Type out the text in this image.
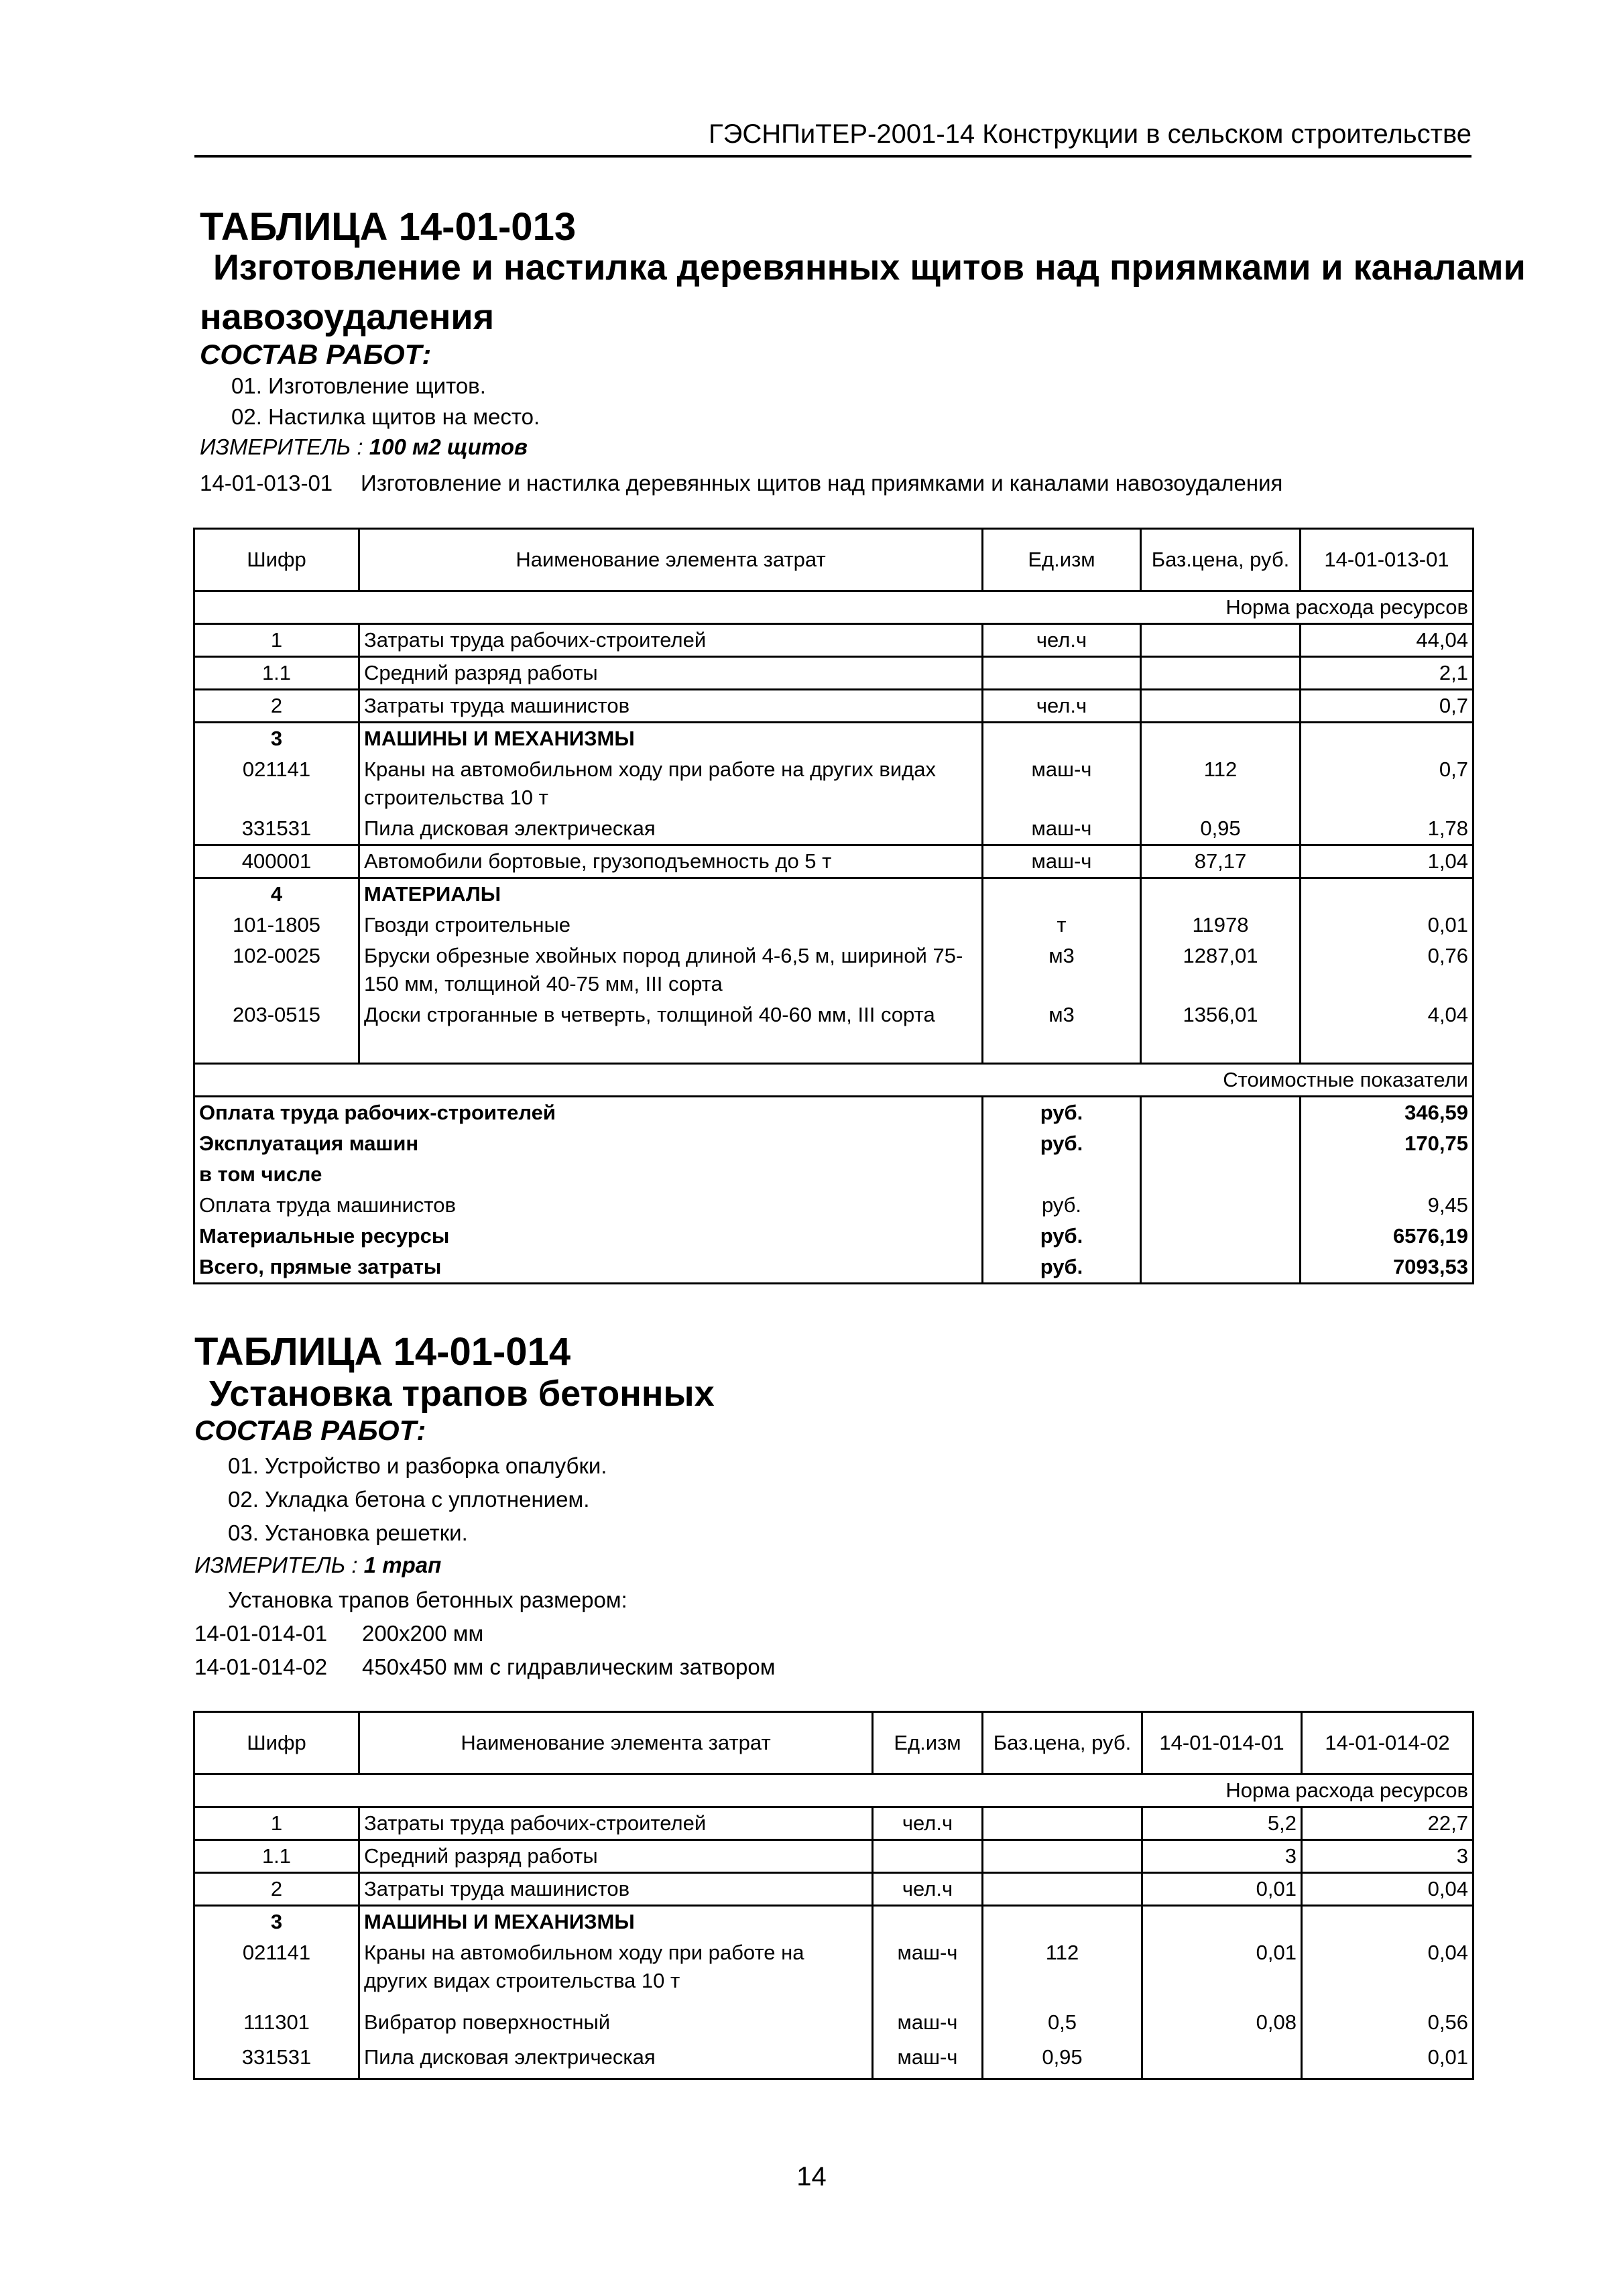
ГЭСНПиТЕР-2001-14 Конструкции в сельском строительстве
ТАБЛИЦА 14-01-013
Изготовление и настилка деревянных щитов над приямками и каналами
навозоудаления
СОСТАВ РАБОТ:
01. Изготовление щитов.
02. Настилка щитов на место.
ИЗМЕРИТЕЛЬ : 100 м2 щитов
14-01-013-01 Изготовление и настилка деревянных щитов над приямками и каналами навозоудаления
Шифр	Наименование элемента затрат	Ед.изм	Баз.цена, руб.	14-01-013-01
Норма расхода ресурсов				
1	Затраты труда рабочих-строителей	чел.ч		44,04
1.1	Средний разряд работы			2,1
2	Затраты труда машинистов	чел.ч		0,7
3	МАШИНЫ И МЕХАНИЗМЫ			
021141	Краны на автомобильном ходу при работе на других видах строительства 10 т	маш-ч	112	0,7
331531	Пила дисковая электрическая	маш-ч	0,95	1,78
400001	Автомобили бортовые, грузоподъемность до 5 т	маш-ч	87,17	1,04
4	МАТЕРИАЛЫ			
101-1805	Гвозди строительные	т	11978	0,01
102-0025	Бруски обрезные хвойных пород длиной 4-6,5 м, шириной 75-150 мм, толщиной 40-75 мм, III сорта	м3	1287,01	0,76
203-0515	Доски строганные в четверть, толщиной 40-60 мм, III сорта	м3	1356,01	4,04
Стоимостные показатели				
Оплата труда рабочих-строителей		руб.		346,59
Эксплуатация машин		руб.		170,75
в том числе				
Оплата труда машинистов		руб.		9,45
Материальные ресурсы		руб.		6576,19
Всего, прямые затраты		руб.		7093,53
ТАБЛИЦА 14-01-014
Установка трапов бетонных
СОСТАВ РАБОТ:
01. Устройство и разборка опалубки.
02. Укладка бетона с уплотнением.
03. Установка решетки.
ИЗМЕРИТЕЛЬ : 1 трап
Установка трапов бетонных размером:
14-01-014-01 200х200 мм
14-01-014-02 450х450 мм с гидравлическим затвором
Шифр	Наименование элемента затрат	Ед.изм	Баз.цена, руб.	14-01-014-01	14-01-014-02
Норма расхода ресурсов					
1	Затраты труда рабочих-строителей	чел.ч		5,2	22,7
1.1	Средний разряд работы			3	3
2	Затраты труда машинистов	чел.ч		0,01	0,04
3	МАШИНЫ И МЕХАНИЗМЫ				
021141	Краны на автомобильном ходу при работе на других видах строительства 10 т	маш-ч	112	0,01	0,04
111301	Вибратор поверхностный	маш-ч	0,5	0,08	0,56
331531	Пила дисковая электрическая	маш-ч	0,95		0,01
14
